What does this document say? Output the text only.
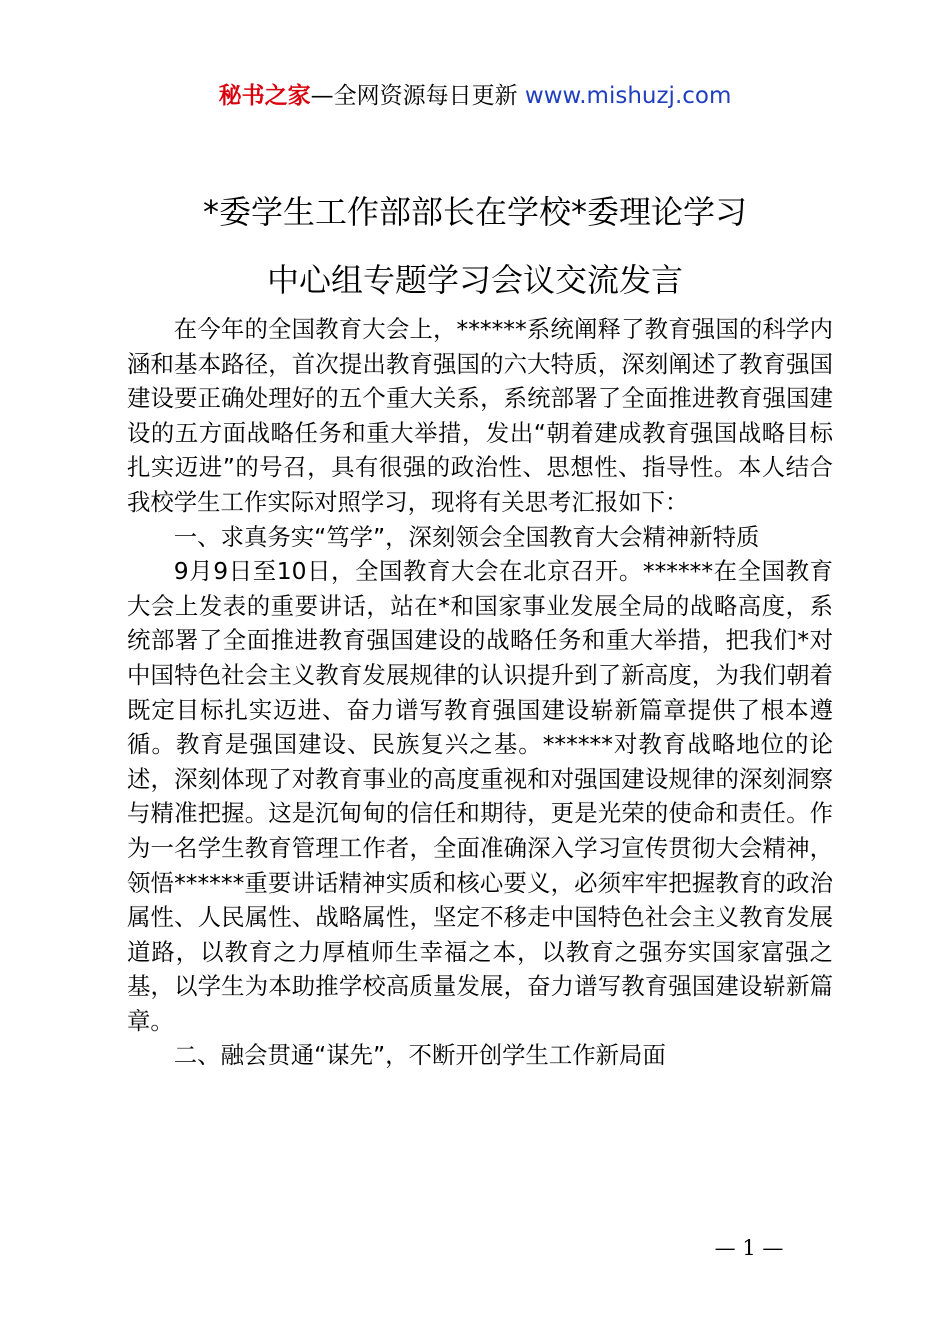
秘书之家—全网资源每日更新 www.mishuzj.com
*委学生工作部部长在学校*委理论学习
中心组专题学习会议交流发言

在今年的全国教育大会上，******系统阐释了教育强国的科学内涵和基本路径，首次提出教育强国的六大特质，深刻阐述了教育强国建设要正确处理好的五个重大关系，系统部署了全面推进教育强国建设的五方面战略任务和重大举措，发出“朝着建成教育强国战略目标扎实迈进”的号召，具有很强的政治性、思想性、指导性。本人结合我校学生工作实际对照学习，现将有关思考汇报如下：

一、求真务实“笃学”，深刻领会全国教育大会精神新特质

9月9日至10日，全国教育大会在北京召开。******在全国教育大会上发表的重要讲话，站在*和国家事业发展全局的战略高度，系统部署了全面推进教育强国建设的战略任务和重大举措，把我们*对中国特色社会主义教育发展规律的认识提升到了新高度，为我们朝着既定目标扎实迈进、奋力谱写教育强国建设崭新篇章提供了根本遵循。教育是强国建设、民族复兴之基。******对教育战略地位的论述，深刻体现了对教育事业的高度重视和对强国建设规律的深刻洞察与精准把握。这是沉甸甸的信任和期待，更是光荣的使命和责任。作为一名学生教育管理工作者，全面准确深入学习宣传贯彻大会精神，领悟******重要讲话精神实质和核心要义，必须牢牢把握教育的政治属性、人民属性、战略属性，坚定不移走中国特色社会主义教育发展道路，以教育之力厚植师生幸福之本，以教育之强夯实国家富强之基，以学生为本助推学校高质量发展，奋力谱写教育强国建设崭新篇章。

二、融会贯通“谋先”，不断开创学生工作新局面

— 1 —
